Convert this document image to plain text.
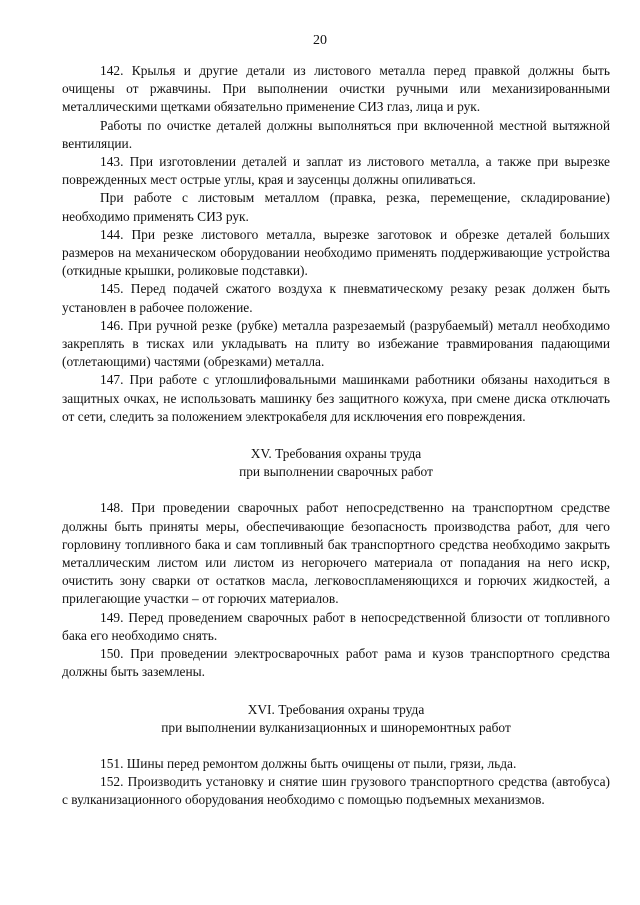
20

142. Крылья и другие детали из листового металла перед правкой должны быть очищены от ржавчины. При выполнении очистки ручными или механизированными металлическими щетками обязательно применение СИЗ глаз, лица и рук.

Работы по очистке деталей должны выполняться при включенной местной вытяжной вентиляции.

143. При изготовлении деталей и заплат из листового металла, а также при вырезке поврежденных мест острые углы, края и заусенцы должны опиливаться.

При работе с листовым металлом (правка, резка, перемещение, складирование) необходимо применять СИЗ рук.

144. При резке листового металла, вырезке заготовок и обрезке деталей больших размеров на механическом оборудовании необходимо применять поддерживающие устройства (откидные крышки, роликовые подставки).

145. Перед подачей сжатого воздуха к пневматическому резаку резак должен быть установлен в рабочее положение.

146. При ручной резке (рубке) металла разрезаемый (разрубаемый) металл необходимо закреплять в тисках или укладывать на плиту во избежание травмирования падающими (отлетающими) частями (обрезками) металла.

147. При работе с углошлифовальными машинками работники обязаны находиться в защитных очках, не использовать машинку без защитного кожуха, при смене диска отключать от сети, следить за положением электрокабеля для исключения его повреждения.

XV. Требования охраны труда
при выполнении сварочных работ

148. При проведении сварочных работ непосредственно на транспортном средстве должны быть приняты меры, обеспечивающие безопасность производства работ, для чего горловину топливного бака и сам топливный бак транспортного средства необходимо закрыть металлическим листом или листом из негорючего материала от попадания на него искр, очистить зону сварки от остатков масла, легковоспламеняющихся и горючих жидкостей, а прилегающие участки – от горючих материалов.

149. Перед проведением сварочных работ в непосредственной близости от топливного бака его необходимо снять.

150. При проведении электросварочных работ рама и кузов транспортного средства должны быть заземлены.

XVI. Требования охраны труда
при выполнении вулканизационных и шиноремонтных работ

151. Шины перед ремонтом должны быть очищены от пыли, грязи, льда.

152. Производить установку и снятие шин грузового транспортного средства (автобуса) с вулканизационного оборудования необходимо с помощью подъемных механизмов.
